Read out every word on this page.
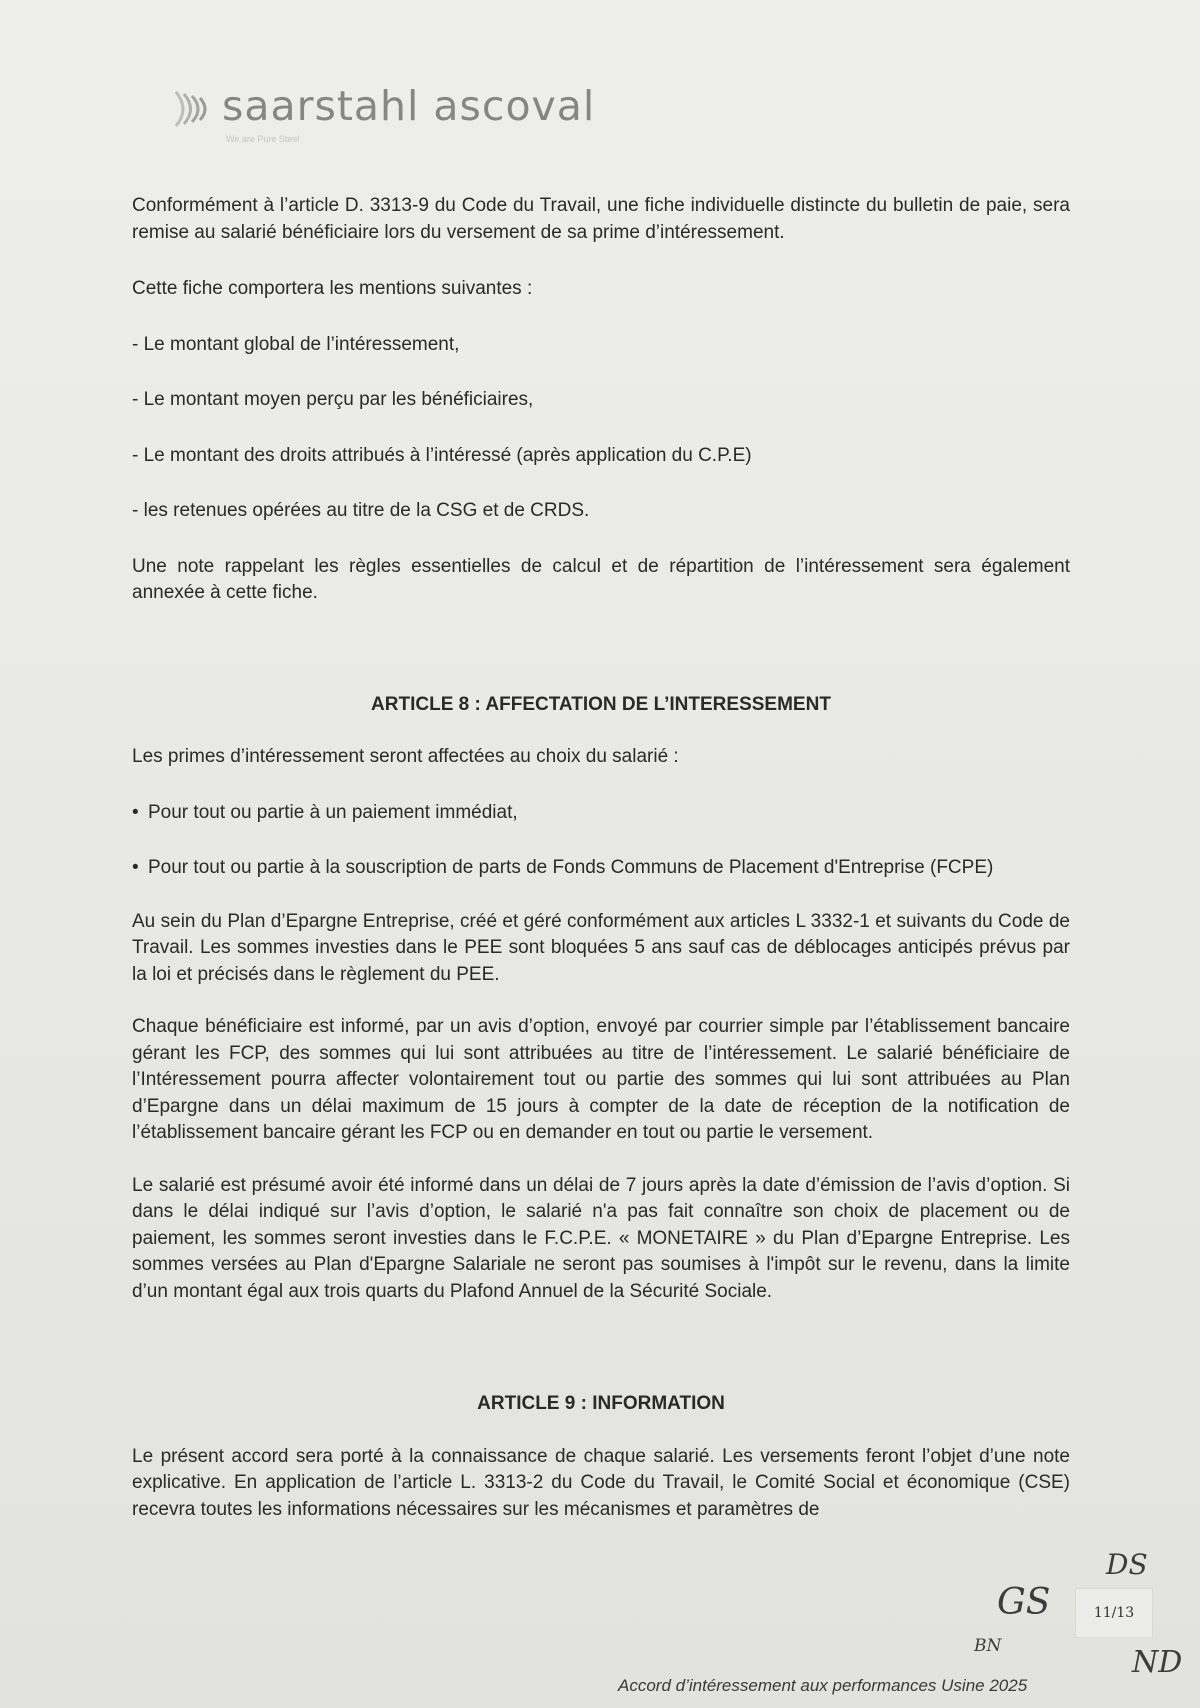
saarstahl ascoval
We are Pure Steel

Conformément à l’article D. 3313-9 du Code du Travail, une fiche individuelle distincte du bulletin de paie, sera remise au salarié bénéficiaire lors du versement de sa prime d’intéressement.

Cette fiche comportera les mentions suivantes :

- Le montant global de l’intéressement,

- Le montant moyen perçu par les bénéficiaires,

- Le montant des droits attribués à l’intéressé (après application du C.P.E)

- les retenues opérées au titre de la CSG et de CRDS.

Une note rappelant les règles essentielles de calcul et de répartition de l’intéressement sera également annexée à cette fiche.

ARTICLE 8 : AFFECTATION DE L’INTERESSEMENT

Les primes d’intéressement seront affectées au choix du salarié :

• Pour tout ou partie à un paiement immédiat,

• Pour tout ou partie à la souscription de parts de Fonds Communs de Placement d'Entreprise (FCPE)

Au sein du Plan d’Epargne Entreprise, créé et géré conformément aux articles L 3332-1 et suivants du Code de Travail. Les sommes investies dans le PEE sont bloquées 5 ans sauf cas de déblocages anticipés prévus par la loi et précisés dans le règlement du PEE.

Chaque bénéficiaire est informé, par un avis d’option, envoyé par courrier simple par l’établissement bancaire gérant les FCP, des sommes qui lui sont attribuées au titre de l’intéressement. Le salarié bénéficiaire de l’Intéressement pourra affecter volontairement tout ou partie des sommes qui lui sont attribuées au Plan d’Epargne dans un délai maximum de 15 jours à compter de la date de réception de la notification de l’établissement bancaire gérant les FCP ou en demander en tout ou partie le versement.

Le salarié est présumé avoir été informé dans un délai de 7 jours après la date d’émission de l’avis d’option. Si dans le délai indiqué sur l’avis d’option, le salarié n'a pas fait connaître son choix de placement ou de paiement, les sommes seront investies dans le F.C.P.E. « MONETAIRE » du Plan d’Epargne Entreprise. Les sommes versées au Plan d'Epargne Salariale ne seront pas soumises à l'impôt sur le revenu, dans la limite d’un montant égal aux trois quarts du Plafond Annuel de la Sécurité Sociale.

ARTICLE 9 : INFORMATION

Le présent accord sera porté à la connaissance de chaque salarié. Les versements feront l’objet d’une note explicative. En application de l’article L. 3313-2 du Code du Travail, le Comité Social et économique (CSE) recevra toutes les informations nécessaires sur les mécanismes et paramètres de

DS
GS
BN	ND
11/13
Accord d’intéressement aux performances Usine 2025
